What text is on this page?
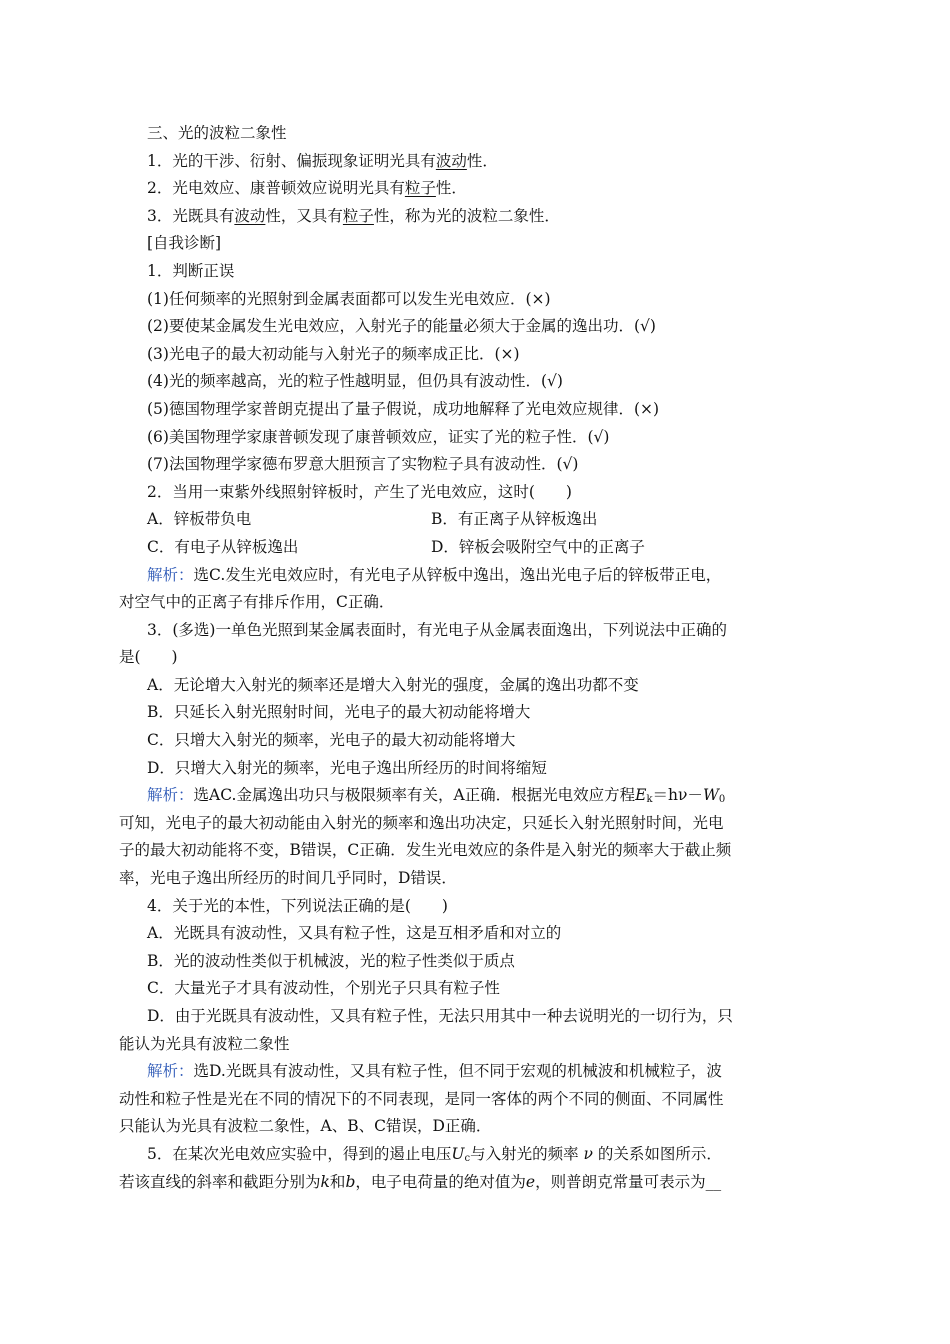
三、光的波粒二象性
1．光的干涉、衍射、偏振现象证明光具有波动性．
2．光电效应、康普顿效应说明光具有粒子性．
3．光既具有波动性，又具有粒子性，称为光的波粒二象性．
[自我诊断]
1．判断正误
(1)任何频率的光照射到金属表面都可以发生光电效应．(×)
(2)要使某金属发生光电效应，入射光子的能量必须大于金属的逸出功．(√)
(3)光电子的最大初动能与入射光子的频率成正比．(×)
(4)光的频率越高，光的粒子性越明显，但仍具有波动性．(√)
(5)德国物理学家普朗克提出了量子假说，成功地解释了光电效应规律．(×)
(6)美国物理学家康普顿发现了康普顿效应，证实了光的粒子性．(√)
(7)法国物理学家德布罗意大胆预言了实物粒子具有波动性．(√)
2．当用一束紫外线照射锌板时，产生了光电效应，这时(　　)
A．锌板带负电	B．有正离子从锌板逸出
C．有电子从锌板逸出	D．锌板会吸附空气中的正离子
解析：选C.发生光电效应时，有光电子从锌板中逸出，逸出光电子后的锌板带正电，
对空气中的正离子有排斥作用，C正确．
3．(多选)一单色光照到某金属表面时，有光电子从金属表面逸出，下列说法中正确的
是(　　)
A．无论增大入射光的频率还是增大入射光的强度，金属的逸出功都不变
B．只延长入射光照射时间，光电子的最大初动能将增大
C．只增大入射光的频率，光电子的最大初动能将增大
D．只增大入射光的频率，光电子逸出所经历的时间将缩短
解析：选AC.金属逸出功只与极限频率有关，A正确．根据光电效应方程$E_k=h\nu-W_0$
可知，光电子的最大初动能由入射光的频率和逸出功决定，只延长入射光照射时间，光电
子的最大初动能将不变，B错误，C正确．发生光电效应的条件是入射光的频率大于截止频
率，光电子逸出所经历的时间几乎同时，D错误．
4．关于光的本性，下列说法正确的是(　　)
A．光既具有波动性，又具有粒子性，这是互相矛盾和对立的
B．光的波动性类似于机械波，光的粒子性类似于质点
C．大量光子才具有波动性，个别光子只具有粒子性
D．由于光既具有波动性，又具有粒子性，无法只用其中一种去说明光的一切行为，只
能认为光具有波粒二象性
解析：选D.光既具有波动性，又具有粒子性，但不同于宏观的机械波和机械粒子，波
动性和粒子性是光在不同的情况下的不同表现，是同一客体的两个不同的侧面、不同属性
只能认为光具有波粒二象性，A、B、C错误，D正确．
5．在某次光电效应实验中，得到的遏止电压$U_c$与入射光的频率 ν 的关系如图所示．
若该直线的斜率和截距分别为k和b，电子电荷量的绝对值为e，则普朗克常量可表示为__
